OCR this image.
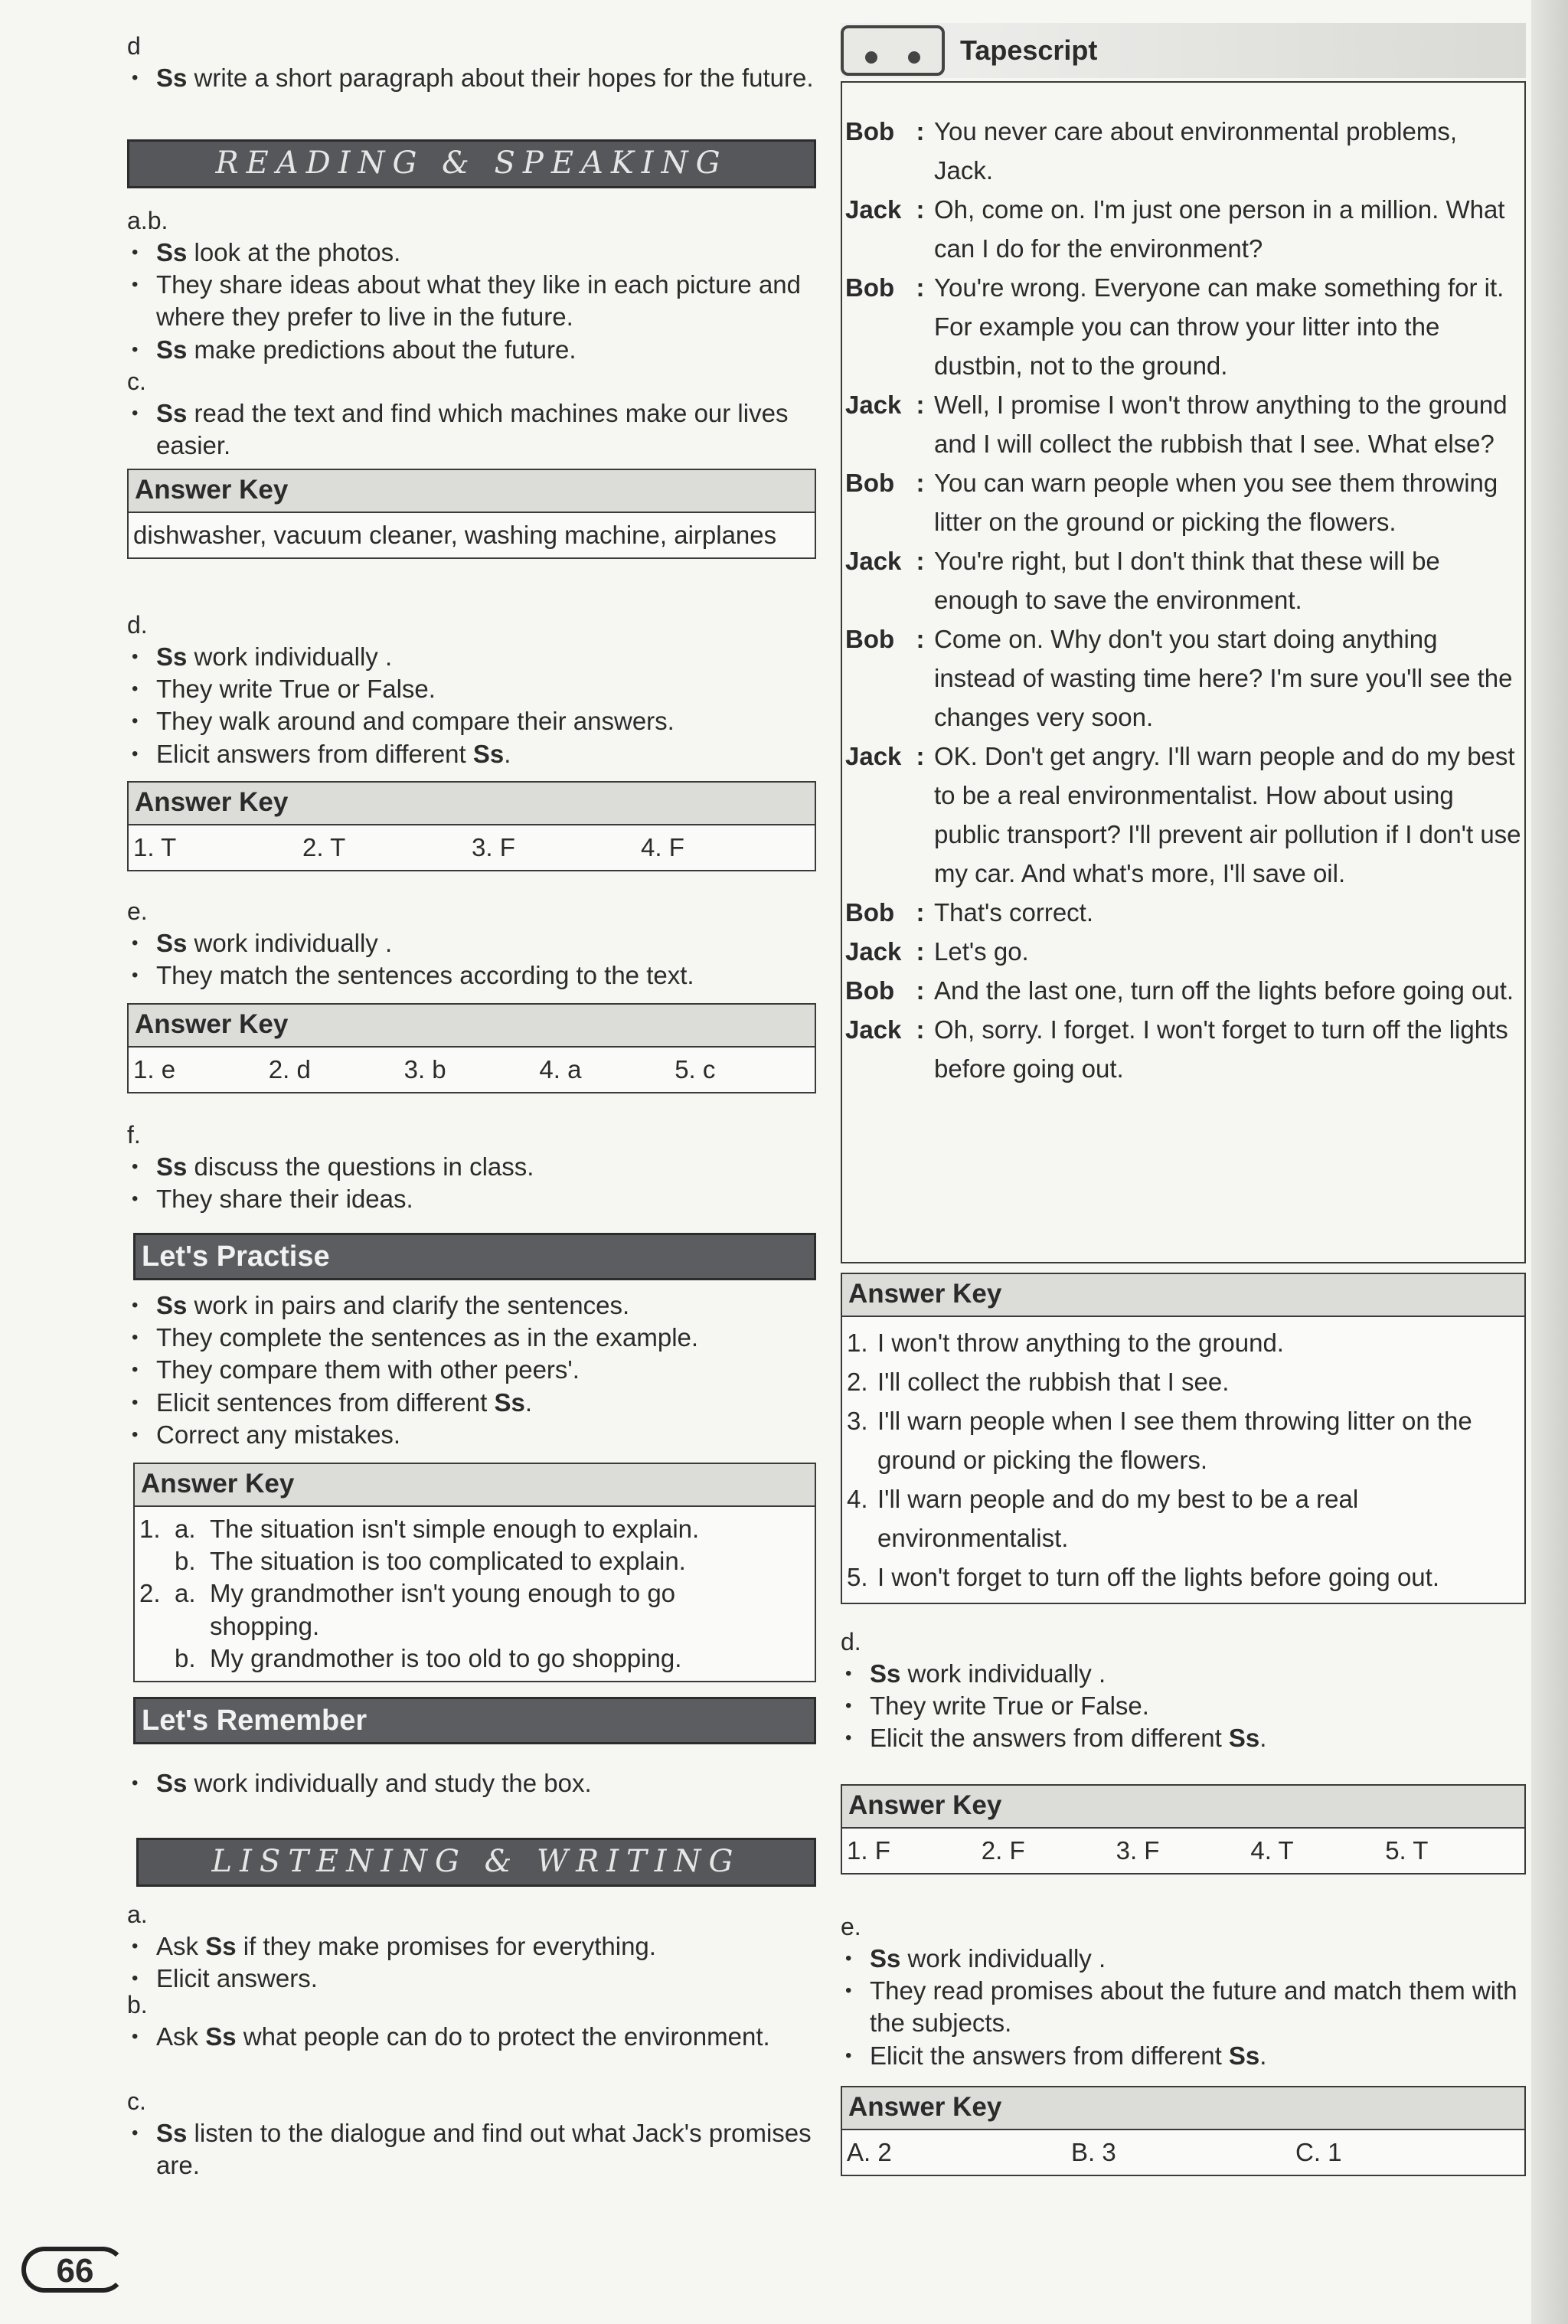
d
• Ss write a short paragraph about their hopes for the future.
READING & SPEAKING
a.b.
• Ss look at the photos.
• They share ideas about what they like in each picture and where they prefer to live in the future.
• Ss make predictions about the future.
c.
• Ss read the text and find which machines make our lives easier.
Answer Key
dishwasher, vacuum cleaner, washing machine, airplanes
d.
• Ss work individually .
• They write True or False.
• They walk around and compare their answers.
• Elicit answers from different Ss.
Answer Key
1. T	2. T	3. F	4. F
e.
• Ss work individually .
• They match the sentences according to the text.
Answer Key
1. e	2. d	3. b	4. a	5. c
f.
• Ss discuss the questions in class.
• They share their ideas.
Let's Practise
• Ss work in pairs and clarify the sentences.
• They complete the sentences as in the example.
• They compare them with other peers'.
• Elicit sentences from different Ss.
• Correct any mistakes.
Answer Key
1. a. The situation isn't simple enough to explain.
b. The situation is too complicated to explain.
2. a. My grandmother isn't young enough to go
shopping.
b. My grandmother is too old to go shopping.
Let's Remember
• Ss work individually and study the box.
LISTENING & WRITING
a.
• Ask Ss if they make promises for everything.
• Elicit answers.
b.
• Ask Ss what people can do to protect the environment.
c.
• Ss listen to the dialogue and find out what Jack's promises are.
Tapescript
Bob : You never care about environmental problems, Jack.
Jack : Oh, come on. I'm just one person in a million. What can I do for the environment?
Bob : You're wrong. Everyone can make something for it. For example you can throw your litter into the dustbin, not to the ground.
Jack : Well, I promise I won't throw anything to the ground and I will collect the rubbish that I see. What else?
Bob : You can warn people when you see them throwing litter on the ground or picking the flowers.
Jack : You're right, but I don't think that these will be enough to save the environment.
Bob : Come on. Why don't you start doing anything instead of wasting time here? I'm sure you'll see the changes very soon.
Jack : OK. Don't get angry. I'll warn people and do my best to be a real environmentalist. How about using public transport? I'll prevent air pollution if I don't use my car. And what's more, I'll save oil.
Bob : That's correct.
Jack : Let's go.
Bob : And the last one, turn off the lights before going out.
Jack : Oh, sorry. I forget. I won't forget to turn off the lights before going out.
Answer Key
1. I won't throw anything to the ground.
2. I'll collect the rubbish that I see.
3. I'll warn people when I see them throwing litter on the ground or picking the flowers.
4. I'll warn people and do my best to be a real environmentalist.
5. I won't forget to turn off the lights before going out.
d.
• Ss work individually .
• They write True or False.
• Elicit the answers from different Ss.
Answer Key
1. F	2. F	3. F	4. T	5. T
e.
• Ss work individually .
• They read promises about the future and match them with the subjects.
• Elicit the answers from different Ss.
Answer Key
A. 2	B. 3	C. 1
66
